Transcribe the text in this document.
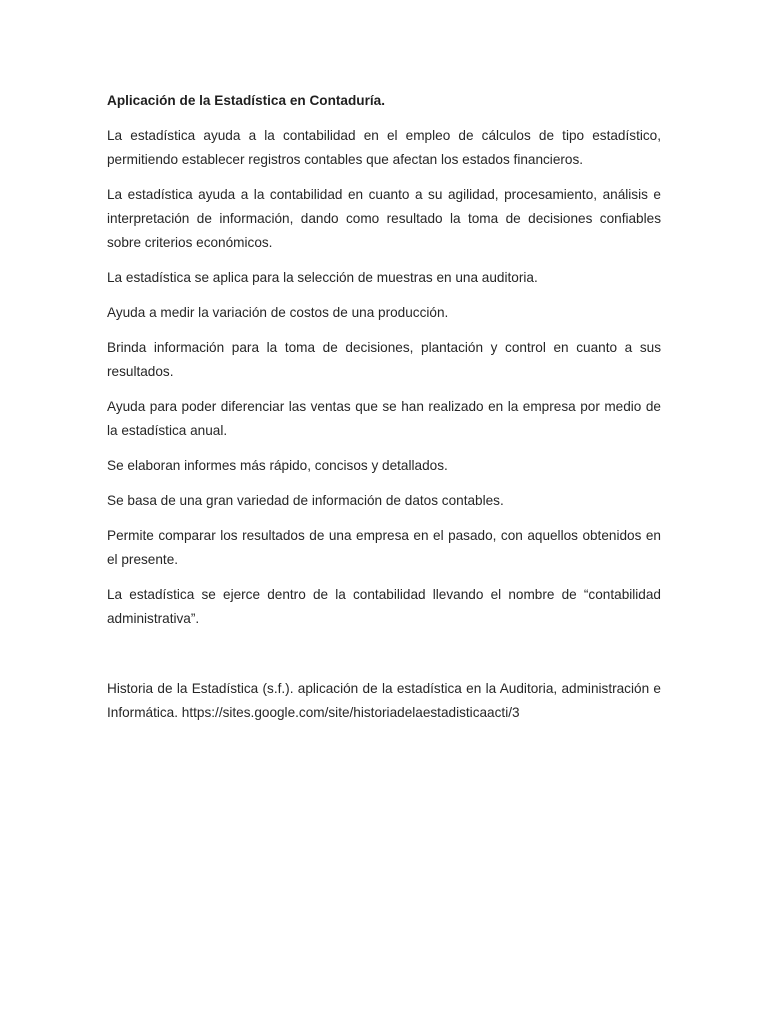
Aplicación de la Estadística en Contaduría.

La estadística ayuda a la contabilidad en el empleo de cálculos de tipo estadístico, permitiendo establecer registros contables que afectan los estados financieros.

La estadística ayuda a la contabilidad en cuanto a su agilidad, procesamiento, análisis e interpretación de información, dando como resultado la toma de decisiones confiables sobre criterios económicos.

La estadística se aplica para la selección de muestras en una auditoria.

Ayuda a medir la variación de costos de una producción.

Brinda información para la toma de decisiones, plantación y control en cuanto a sus resultados.

Ayuda para poder diferenciar las ventas que se han realizado en la empresa por medio de la estadística anual.

Se elaboran informes más rápido, concisos y detallados.

Se basa de una gran variedad de información de datos contables.

Permite comparar los resultados de una empresa en el pasado, con aquellos obtenidos en el presente.

La estadística se ejerce dentro de la contabilidad llevando el nombre de “contabilidad administrativa”.

Historia de la Estadística (s.f.). aplicación de la estadística en la Auditoria, administración e Informática. https://sites.google.com/site/historiadelaestadisticaacti/3
